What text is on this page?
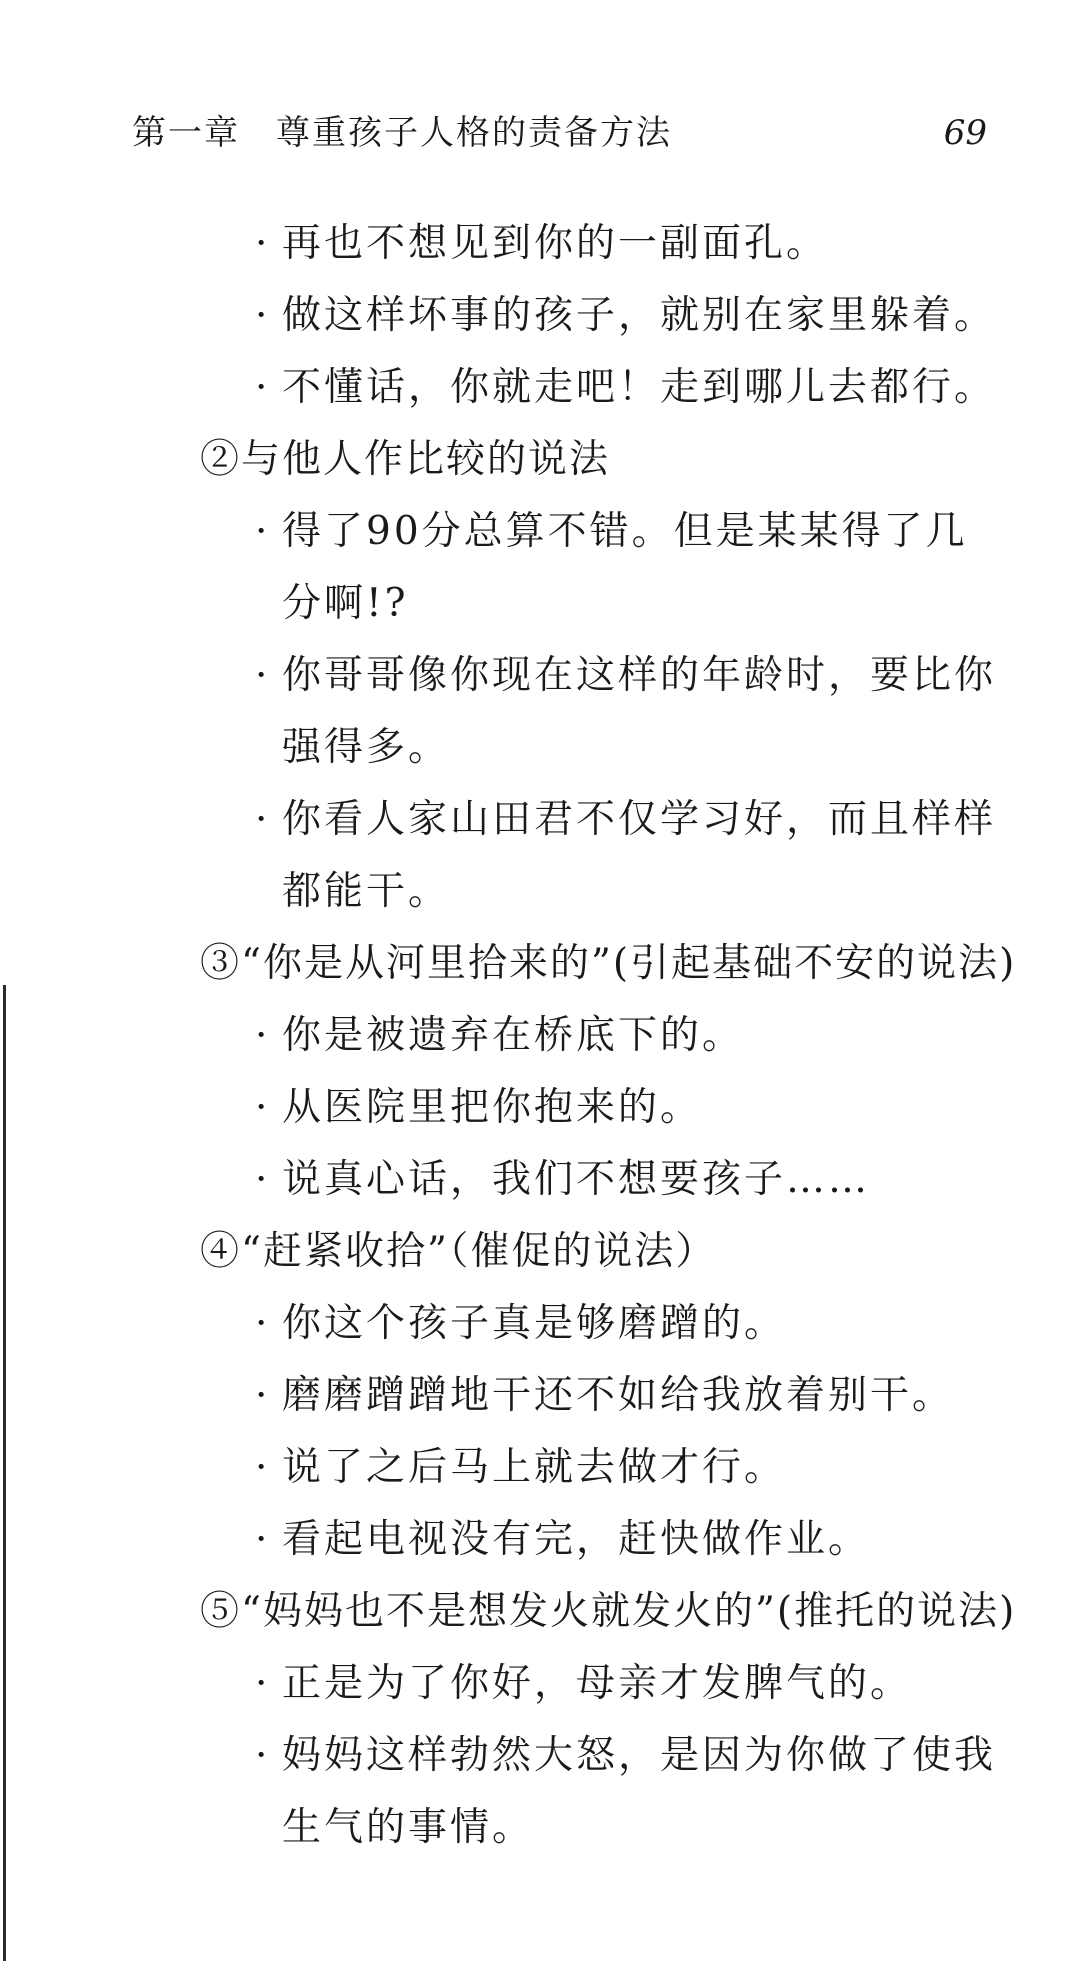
第一章　尊重孩子人格的责备方法	69
· 再也不想见到你的一副面孔。
· 做这样坏事的孩子，就别在家里躲着。
· 不懂话，你就走吧！走到哪儿去都行。
②与他人作比较的说法
· 得了90分总算不错。但是某某得了几分啊!?
· 你哥哥像你现在这样的年龄时，要比你强得多。
· 你看人家山田君不仅学习好，而且样样都能干。
③“你是从河里拾来的”(引起基础不安的说法)
· 你是被遗弃在桥底下的。
· 从医院里把你抱来的。
· 说真心话，我们不想要孩子……
④“赶紧收拾”（催促的说法）
· 你这个孩子真是够磨蹭的。
· 磨磨蹭蹭地干还不如给我放着别干。
· 说了之后马上就去做才行。
· 看起电视没有完，赶快做作业。
⑤“妈妈也不是想发火就发火的”(推托的说法)
· 正是为了你好，母亲才发脾气的。
· 妈妈这样勃然大怒，是因为你做了使我生气的事情。
